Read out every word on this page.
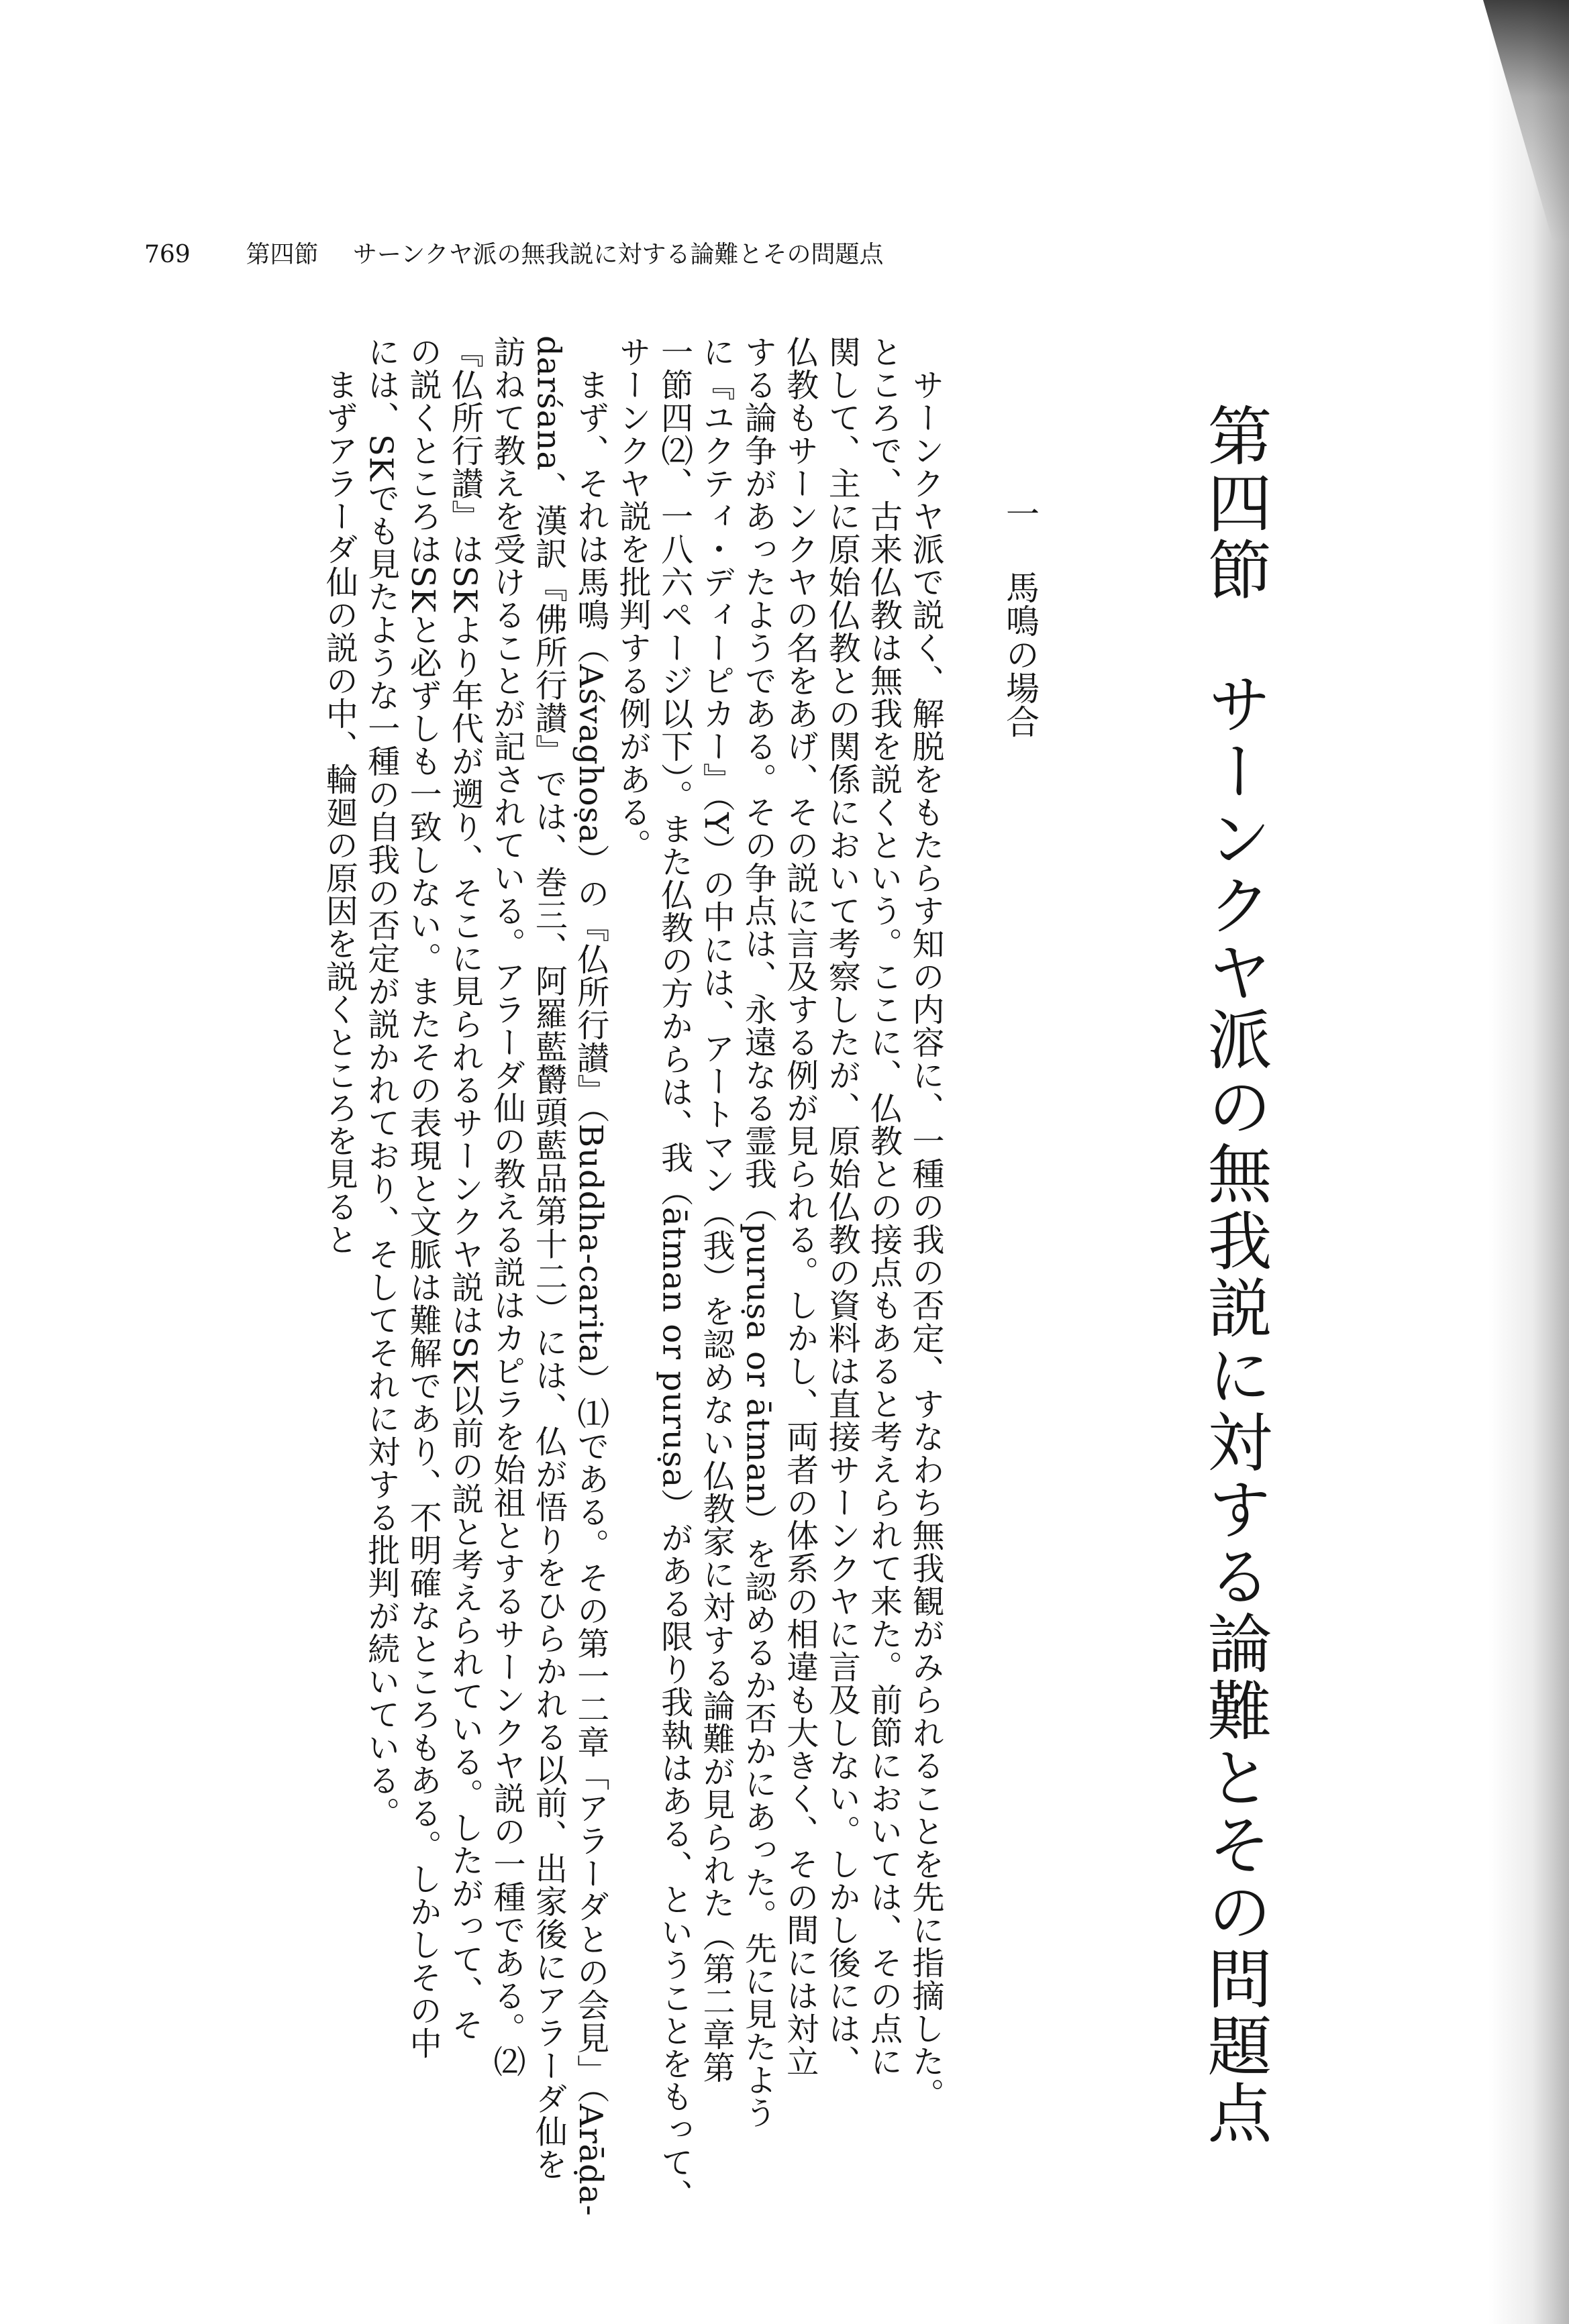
769 第四節 サーンクヤ派の無我説に対する論難とその問題点
第四節　サーンクヤ派の無我説に対する論難とその問題点
一馬鳴の場合
　サーンクヤ派で説く、解脱をもたらす知の内容に、一種の我の否定、すなわち無我観がみられることを先に指摘した。
ところで、古来仏教は無我を説くという。ここに、仏教との接点もあると考えられて来た。前節においては、その点に
関して、主に原始仏教との関係において考察したが、原始仏教の資料は直接サーンクヤに言及しない。しかし後には、
仏教もサーンクヤの名をあげ、その説に言及する例が見られる。しかし、両者の体系の相違も大きく、その間には対立
する論争があったようである。その争点は、永遠なる霊我（puruṣa or ātman）を認めるか否かにあった。先に見たよう
に『ユクティ・ディーピカー』（Y）の中には、アートマン（我）を認めない仏教家に対する論難が見られた（第二章第
一節四⑵、一八六ページ以下）。また仏教の方からは、我（ātman or puruṣa）がある限り我執はある、ということをもって、
サーンクヤ説を批判する例がある。
　まず、それは馬鳴（Aśvaghoṣa）の『仏所行讃』（Buddha-carita）⑴である。その第一二章「アラーダとの会見」（Arāḍa-
darśana、漢訳『佛所行讃』では、巻三、阿羅藍欝頭藍品第十二）には、仏が悟りをひらかれる以前、出家後にアラーダ仙を
訪ねて教えを受けることが記されている。アラーダ仙の教える説はカピラを始祖とするサーンクヤ説の一種である。⑵
『仏所行讃』はSKより年代が遡り、そこに見られるサーンクヤ説はSK以前の説と考えられている。したがって、そ
の説くところはSKと必ずしも一致しない。またその表現と文脈は難解であり、不明確なところもある。しかしその中
には、SKでも見たような一種の自我の否定が説かれており、そしてそれに対する批判が続いている。
　まずアラーダ仙の説の中、輪廻の原因を説くところを見ると
